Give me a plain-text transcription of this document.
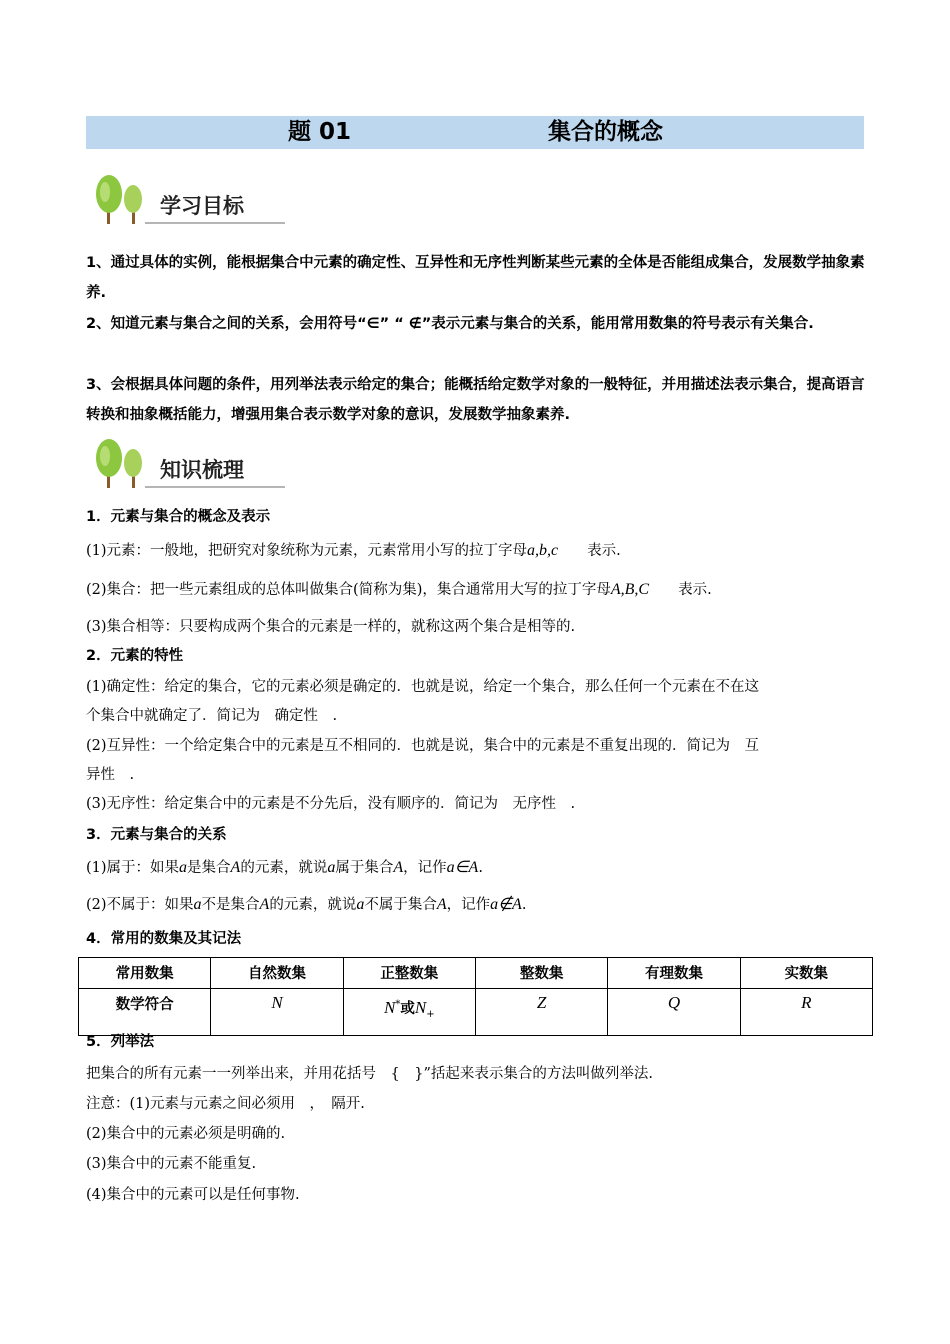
题 01	集合的概念
学习目标
1、通过具体的实例，能根据集合中元素的确定性、互异性和无序性判断某些元素的全体是否能组成集合，发展数学抽象素养.
2、知道元素与集合之间的关系，会用符号“∈” “ ∉”表示元素与集合的关系，能用常用数集的符号表示有关集合.
3、会根据具体问题的条件，用列举法表示给定的集合；能概括给定数学对象的一般特征，并用描述法表示集合，提高语言转换和抽象概括能力，增强用集合表示数学对象的意识，发展数学抽象素养.
知识梳理
1．元素与集合的概念及表示
(1)元素：一般地，把研究对象统称为元素，元素常用小写的拉丁字母a,b,c　　 表示.
(2)集合：把一些元素组成的总体叫做集合(简称为集)，集合通常用大写的拉丁字母A,B,C　　 表示.
(3)集合相等：只要构成两个集合的元素是一样的，就称这两个集合是相等的.
2．元素的特性
(1)确定性：给定的集合，它的元素必须是确定的．也就是说，给定一个集合，那么任何一个元素在不在这
个集合中就确定了．简记为　确定性　.
(2)互异性：一个给定集合中的元素是互不相同的．也就是说，集合中的元素是不重复出现的．简记为　互
异性　.
(3)无序性：给定集合中的元素是不分先后，没有顺序的．简记为　无序性　.
3．元素与集合的关系
(1)属于：如果a是集合A的元素，就说a属于集合A，记作a∈A.
(2)不属于：如果a不是集合A的元素，就说a不属于集合A，记作a∉A.
4．常用的数集及其记法
常用数集	自然数集	正整数集	整数集	有理数集	实数集
数学符合	N	N*或$N_+$	Z	Q	R
5．列举法
把集合的所有元素一一列举出来，并用花括号　{　}”括起来表示集合的方法叫做列举法.
注意：(1)元素与元素之间必须用　，　隔开.
(2)集合中的元素必须是明确的.
(3)集合中的元素不能重复.
(4)集合中的元素可以是任何事物.
